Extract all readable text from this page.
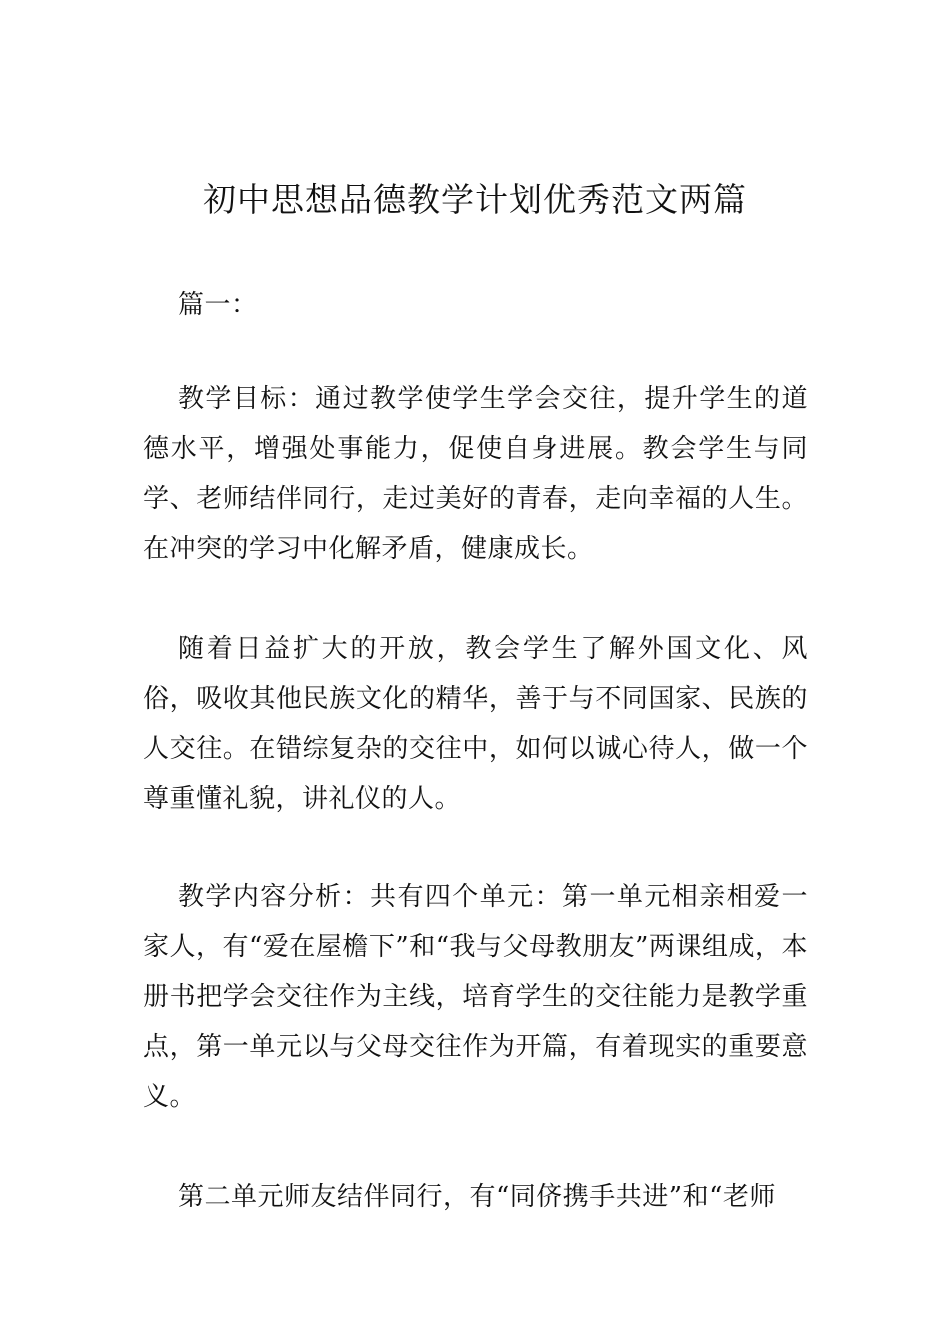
初中思想品德教学计划优秀范文两篇

篇一：

教学目标：通过教学使学生学会交往，提升学生的道德水平，增强处事能力，促使自身进展。教会学生与同学、老师结伴同行，走过美好的青春，走向幸福的人生。在冲突的学习中化解矛盾，健康成长。

随着日益扩大的开放，教会学生了解外国文化、风俗，吸收其他民族文化的精华，善于与不同国家、民族的人交往。在错综复杂的交往中，如何以诚心待人，做一个尊重懂礼貌，讲礼仪的人。

教学内容分析：共有四个单元：第一单元相亲相爱一家人，有“爱在屋檐下”和“我与父母教朋友”两课组成，本册书把学会交往作为主线，培育学生的交往能力是教学重点，第一单元以与父母交往作为开篇，有着现实的重要意义。

第二单元师友结伴同行，有“同侪携手共进”和“老师
